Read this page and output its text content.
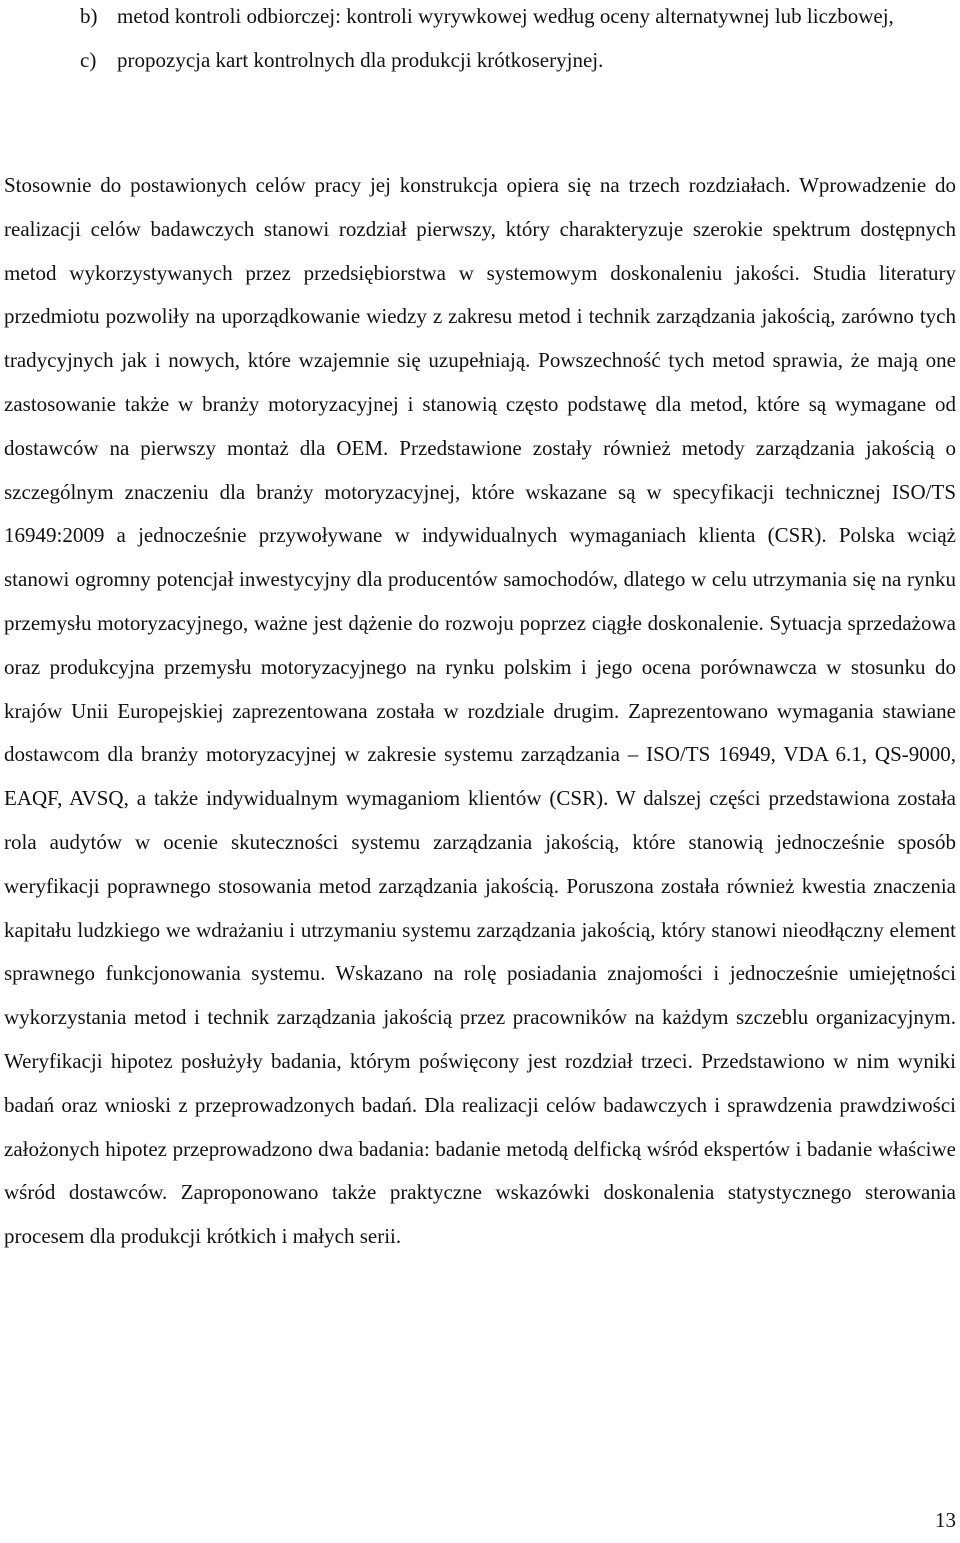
b) metod kontroli odbiorczej: kontroli wyrywkowej według oceny alternatywnej lub liczbowej,
c) propozycja kart kontrolnych dla produkcji krótkoseryjnej.

Stosownie do postawionych celów pracy jej konstrukcja opiera się na trzech rozdziałach. Wprowadzenie do realizacji celów badawczych stanowi rozdział pierwszy, który charakteryzuje szerokie spektrum dostępnych metod wykorzystywanych przez przedsiębiorstwa w systemowym doskonaleniu jakości. Studia literatury przedmiotu pozwoliły na uporządkowanie wiedzy z zakresu metod i technik zarządzania jakością, zarówno tych tradycyjnych jak i nowych, które wzajemnie się uzupełniają. Powszechność tych metod sprawia, że mają one zastosowanie także w branży motoryzacyjnej i stanowią często podstawę dla metod, które są wymagane od dostawców na pierwszy montaż dla OEM. Przedstawione zostały również metody zarządzania jakością o szczególnym znaczeniu dla branży motoryzacyjnej, które wskazane są w specyfikacji technicznej ISO/TS 16949:2009 a jednocześnie przywoływane w indywidualnych wymaganiach klienta (CSR). Polska wciąż stanowi ogromny potencjał inwestycyjny dla producentów samochodów, dlatego w celu utrzymania się na rynku przemysłu motoryzacyjnego, ważne jest dążenie do rozwoju poprzez ciągłe doskonalenie. Sytuacja sprzedażowa oraz produkcyjna przemysłu motoryzacyjnego na rynku polskim i jego ocena porównawcza w stosunku do krajów Unii Europejskiej zaprezentowana została w rozdziale drugim. Zaprezentowano wymagania stawiane dostawcom dla branży motoryzacyjnej w zakresie systemu zarządzania – ISO/TS 16949, VDA 6.1, QS-9000, EAQF, AVSQ, a także indywidualnym wymaganiom klientów (CSR). W dalszej części przedstawiona została rola audytów w ocenie skuteczności systemu zarządzania jakością, które stanowią jednocześnie sposób weryfikacji poprawnego stosowania metod zarządzania jakością. Poruszona została również kwestia znaczenia kapitału ludzkiego we wdrażaniu i utrzymaniu systemu zarządzania jakością, który stanowi nieodłączny element sprawnego funkcjonowania systemu. Wskazano na rolę posiadania znajomości i jednocześnie umiejętności wykorzystania metod i technik zarządzania jakością przez pracowników na każdym szczeblu organizacyjnym. Weryfikacji hipotez posłużyły badania, którym poświęcony jest rozdział trzeci. Przedstawiono w nim wyniki badań oraz wnioski z przeprowadzonych badań. Dla realizacji celów badawczych i sprawdzenia prawdziwości założonych hipotez przeprowadzono dwa badania: badanie metodą delficką wśród ekspertów i badanie właściwe wśród dostawców. Zaproponowano także praktyczne wskazówki doskonalenia statystycznego sterowania procesem dla produkcji krótkich i małych serii.

13
